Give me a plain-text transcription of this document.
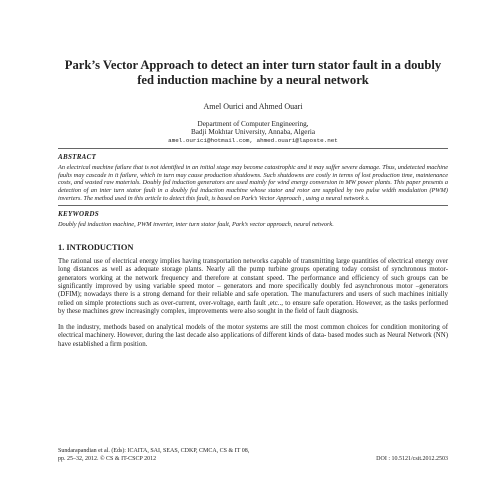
Park’s Vector Approach to detect an inter turn stator fault in a doubly fed induction machine by a neural network
Amel Ourici and Ahmed Ouari
Department of Computer Engineering,
Badji Mokhtar University, Annaba, Algeria
amel.ourici@hotmail.com, ahmed.ouari@laposte.net
ABSTRACT
An electrical machine failure that is not identified in an initial stage may become catastrophic and it may suffer severe damage. Thus, undetected machine faults may cascade in it failure, which in turn may cause production shutdowns. Such shutdowns are costly in terms of lost production time, maintenance costs, and wasted raw materials. Doubly fed induction generators are used mainly for wind energy conversion in MW power plants. This paper presents a detection of an inter turn stator fault in a doubly fed induction machine whose stator and rotor are supplied by two pulse width modulation (PWM) inverters. The method used in this article to detect this fault, is based on Park’s Vector Approach , using a neural network s.
KEYWORDS
Doubly fed induction machine, PWM inverter, inter turn stator fault, Park’s vector approach, neural network.
1. INTRODUCTION
The rational use of electrical energy implies having transportation networks capable of transmitting large quantities of electrical energy over long distances as well as adequate storage plants. Nearly all the pump turbine groups operating today consist of synchronous motor-generators working at the network frequency and therefore at constant speed. The performance and efficiency of such groups can be significantly improved by using variable speed motor – generators and more specifically doubly fed asynchronous motor –generators (DFIM); nowadays there is a strong demand for their reliable and safe operation. The manufacturers and users of such machines initially relied on simple protections such as over-current, over-voltage, earth fault ,etc.., to ensure safe operation. However, as the tasks performed by these machines grew increasingly complex, improvements were also sought in the field of fault diagnosis.
In the industry, methods based on analytical models of the motor systems are still the most common choices for condition monitoring of electrical machinery. However, during the last decade also applications of different kinds of data- based modes such as Neural Network (NN) have established a firm position.
Sundarapandian et al. (Eds): ICAITA, SAI, SEAS, CDKP, CMCA, CS & IT 08,
pp. 25–32, 2012. © CS & IT-CSCP 2012	DOI : 10.5121/csit.2012.2503
